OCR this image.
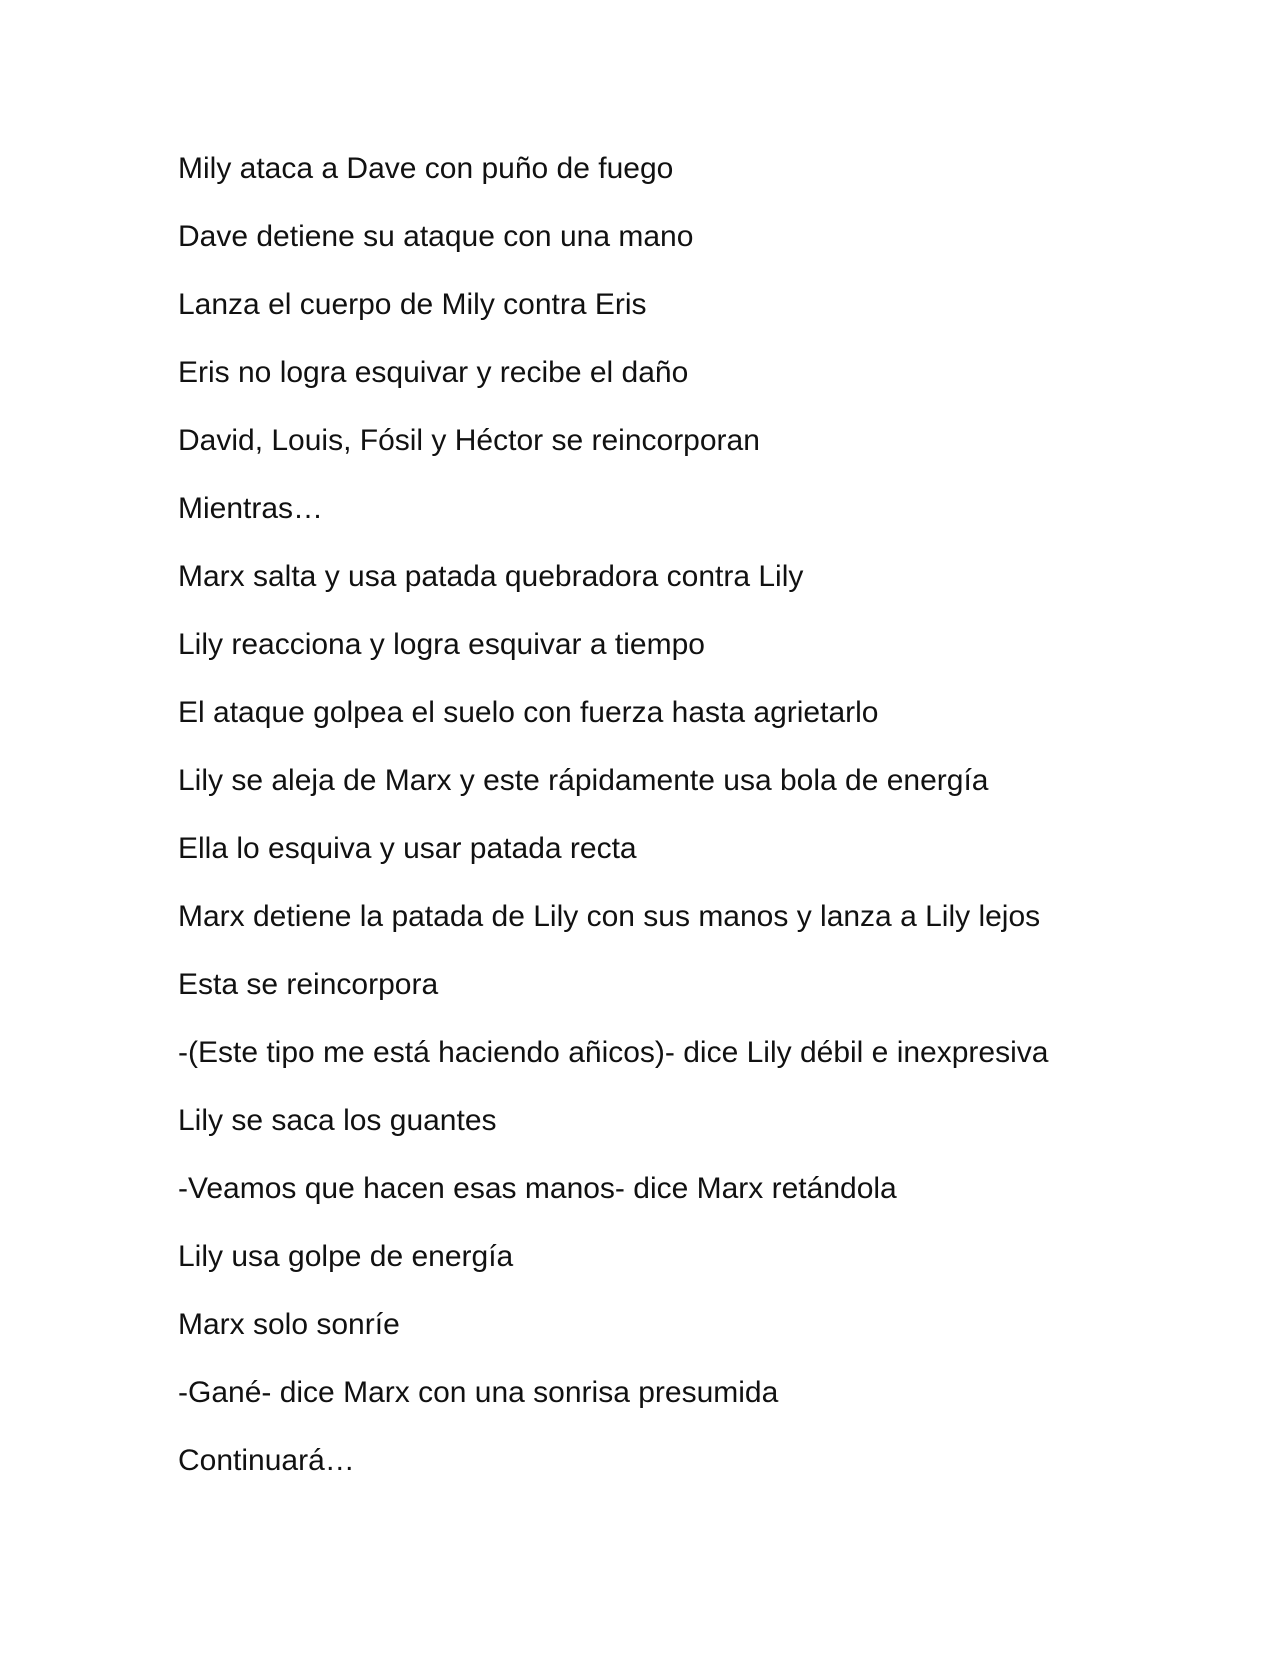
Mily ataca a Dave con puño de fuego

Dave detiene su ataque con una mano

Lanza el cuerpo de Mily contra Eris

Eris no logra esquivar y recibe el daño

David, Louis, Fósil y Héctor se reincorporan

Mientras…

Marx salta y usa patada quebradora contra Lily

Lily reacciona y logra esquivar a tiempo

El ataque golpea el suelo con fuerza hasta agrietarlo

Lily se aleja de Marx y este rápidamente usa bola de energía

Ella lo esquiva y usar patada recta

Marx detiene la patada de Lily con sus manos y lanza a Lily lejos

Esta se reincorpora

-(Este tipo me está haciendo añicos)- dice Lily débil e inexpresiva

Lily se saca los guantes

-Veamos que hacen esas manos- dice Marx retándola

Lily usa golpe de energía

Marx solo sonríe

-Gané- dice Marx con una sonrisa presumida

Continuará…
